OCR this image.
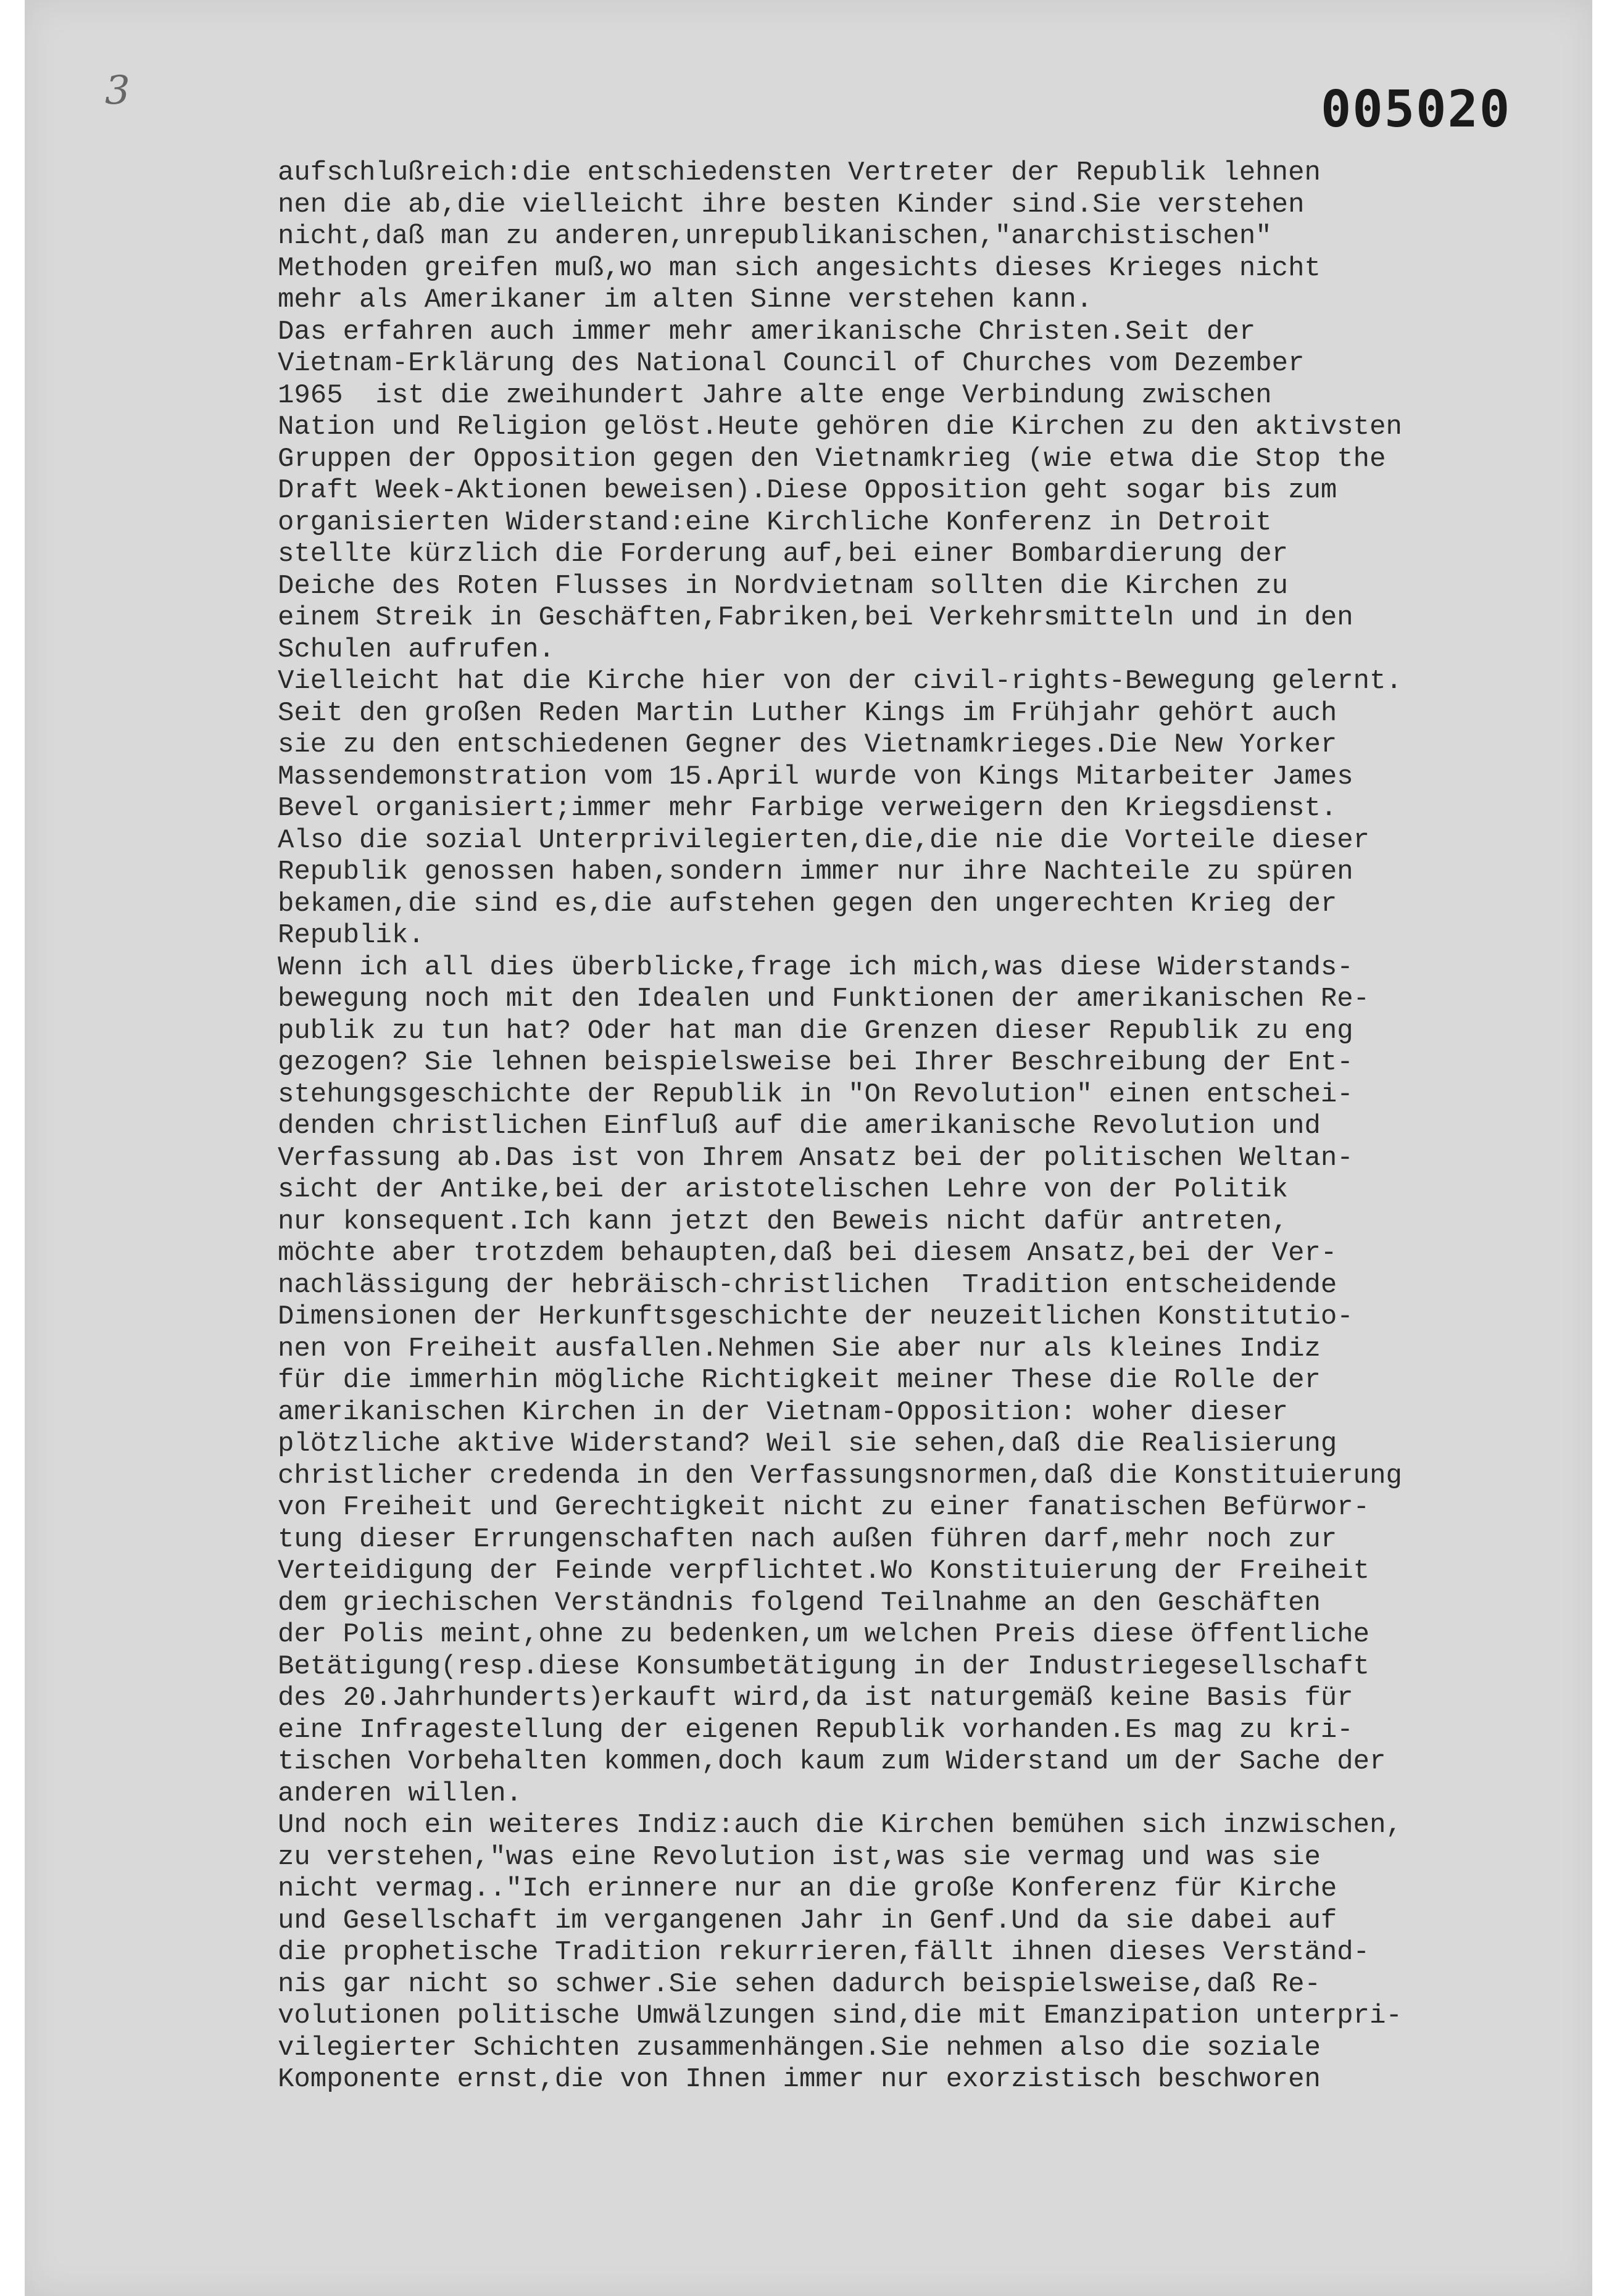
3	005020
aufschlußreich:die entschiedensten Vertreter der Republik lehnen
nen die ab,die vielleicht ihre besten Kinder sind.Sie verstehen
nicht,daß man zu anderen,unrepublikanischen,"anarchistischen"
Methoden greifen muß,wo man sich angesichts dieses Krieges nicht
mehr als Amerikaner im alten Sinne verstehen kann.
Das erfahren auch immer mehr amerikanische Christen.Seit der
Vietnam-Erklärung des National Council of Churches vom Dezember
1965  ist die zweihundert Jahre alte enge Verbindung zwischen
Nation und Religion gelöst.Heute gehören die Kirchen zu den aktivsten
Gruppen der Opposition gegen den Vietnamkrieg (wie etwa die Stop the
Draft Week-Aktionen beweisen).Diese Opposition geht sogar bis zum
organisierten Widerstand:eine Kirchliche Konferenz in Detroit
stellte kürzlich die Forderung auf,bei einer Bombardierung der
Deiche des Roten Flusses in Nordvietnam sollten die Kirchen zu
einem Streik in Geschäften,Fabriken,bei Verkehrsmitteln und in den
Schulen aufrufen.
Vielleicht hat die Kirche hier von der civil-rights-Bewegung gelernt.
Seit den großen Reden Martin Luther Kings im Frühjahr gehört auch
sie zu den entschiedenen Gegner des Vietnamkrieges.Die New Yorker
Massendemonstration vom 15.April wurde von Kings Mitarbeiter James
Bevel organisiert;immer mehr Farbige verweigern den Kriegsdienst.
Also die sozial Unterprivilegierten,die,die nie die Vorteile dieser
Republik genossen haben,sondern immer nur ihre Nachteile zu spüren
bekamen,die sind es,die aufstehen gegen den ungerechten Krieg der
Republik.
Wenn ich all dies überblicke,frage ich mich,was diese Widerstands-
bewegung noch mit den Idealen und Funktionen der amerikanischen Re-
publik zu tun hat? Oder hat man die Grenzen dieser Republik zu eng
gezogen? Sie lehnen beispielsweise bei Ihrer Beschreibung der Ent-
stehungsgeschichte der Republik in "On Revolution" einen entschei-
denden christlichen Einfluß auf die amerikanische Revolution und
Verfassung ab.Das ist von Ihrem Ansatz bei der politischen Weltan-
sicht der Antike,bei der aristotelischen Lehre von der Politik
nur konsequent.Ich kann jetzt den Beweis nicht dafür antreten,
möchte aber trotzdem behaupten,daß bei diesem Ansatz,bei der Ver-
nachlässigung der hebräisch-christlichen  Tradition entscheidende
Dimensionen der Herkunftsgeschichte der neuzeitlichen Konstitutio-
nen von Freiheit ausfallen.Nehmen Sie aber nur als kleines Indiz
für die immerhin mögliche Richtigkeit meiner These die Rolle der
amerikanischen Kirchen in der Vietnam-Opposition: woher dieser
plötzliche aktive Widerstand? Weil sie sehen,daß die Realisierung
christlicher credenda in den Verfassungsnormen,daß die Konstituierung
von Freiheit und Gerechtigkeit nicht zu einer fanatischen Befürwor-
tung dieser Errungenschaften nach außen führen darf,mehr noch zur
Verteidigung der Feinde verpflichtet.Wo Konstituierung der Freiheit
dem griechischen Verständnis folgend Teilnahme an den Geschäften
der Polis meint,ohne zu bedenken,um welchen Preis diese öffentliche
Betätigung(resp.diese Konsumbetätigung in der Industriegesellschaft
des 20.Jahrhunderts)erkauft wird,da ist naturgemäß keine Basis für
eine Infragestellung der eigenen Republik vorhanden.Es mag zu kri-
tischen Vorbehalten kommen,doch kaum zum Widerstand um der Sache der
anderen willen.
Und noch ein weiteres Indiz:auch die Kirchen bemühen sich inzwischen,
zu verstehen,"was eine Revolution ist,was sie vermag und was sie
nicht vermag.."Ich erinnere nur an die große Konferenz für Kirche
und Gesellschaft im vergangenen Jahr in Genf.Und da sie dabei auf
die prophetische Tradition rekurrieren,fällt ihnen dieses Verständ-
nis gar nicht so schwer.Sie sehen dadurch beispielsweise,daß Re-
volutionen politische Umwälzungen sind,die mit Emanzipation unterpri-
vilegierter Schichten zusammenhängen.Sie nehmen also die soziale
Komponente ernst,die von Ihnen immer nur exorzistisch beschworen
